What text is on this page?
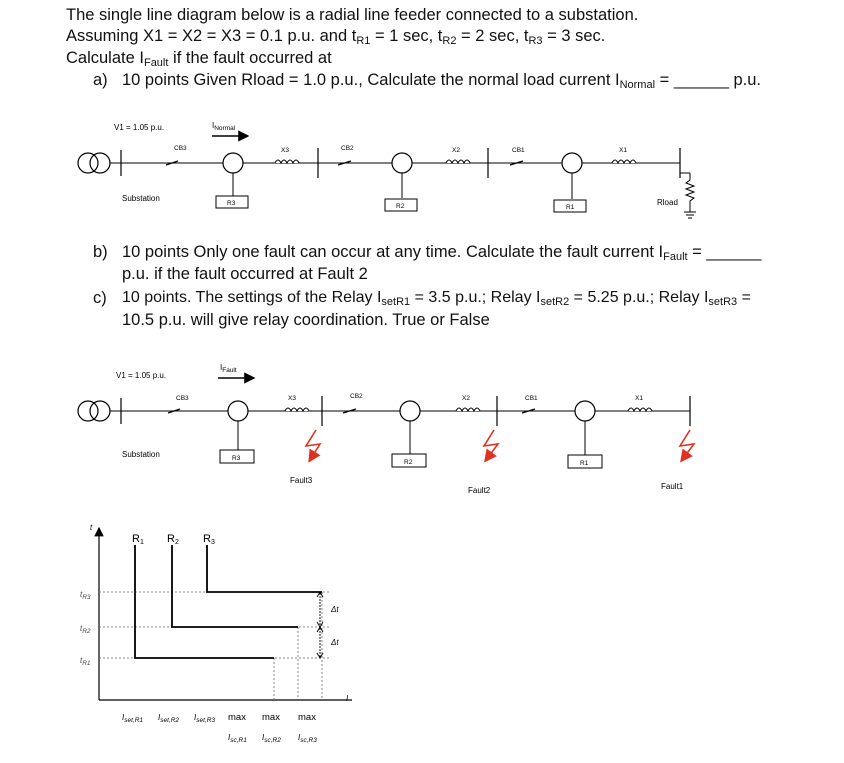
The single line diagram below is a radial line feeder connected to a substation.
Assuming X1 = X2 = X3 = 0.1 p.u. and $t_{R1} = 1$ sec, $t_{R2} = 2$ sec, $t_{R3} = 3$ sec.
Calculate $I_{Fault}$ if the fault occurred at
a) 10 points Given Rload = 1.0 p.u., Calculate the normal load current $I_{Normal}$ = ______ p.u.
b) 10 points Only one fault can occur at any time. Calculate the fault current $I_{Fault}$ = ______
p.u. if the fault occurred at Fault 2
c) 10 points. The settings of the Relay $I_{setR1} = 3.5$ p.u.; Relay $I_{setR2} = 5.25$ p.u.; Relay $I_{setR3}$ =
10.5 p.u. will give relay coordination. True or False
V1 = 1.05 p.u.	$I_{Normal}$
CB3	X3	CB2	X2	CB1	X1
Substation
R3	R2	R1
Rload
V1 = 1.05 p.u.
$I_{Fault}$
CB3	X3	CB2	X2	CB1	X1
Substation	R3
R2	R1
Fault3
Fault2	Fault1
t
I
R1 R2 R3
$t_{R3}$
$t_{R2}$
$t_{R1}$
Δt
Δt
$I_{set,R1}$ $I_{set,R2}$ $I_{set,R3}$ max max max
$I_{sc,R1}$ $I_{sc,R2}$ $I_{sc,R3}$
